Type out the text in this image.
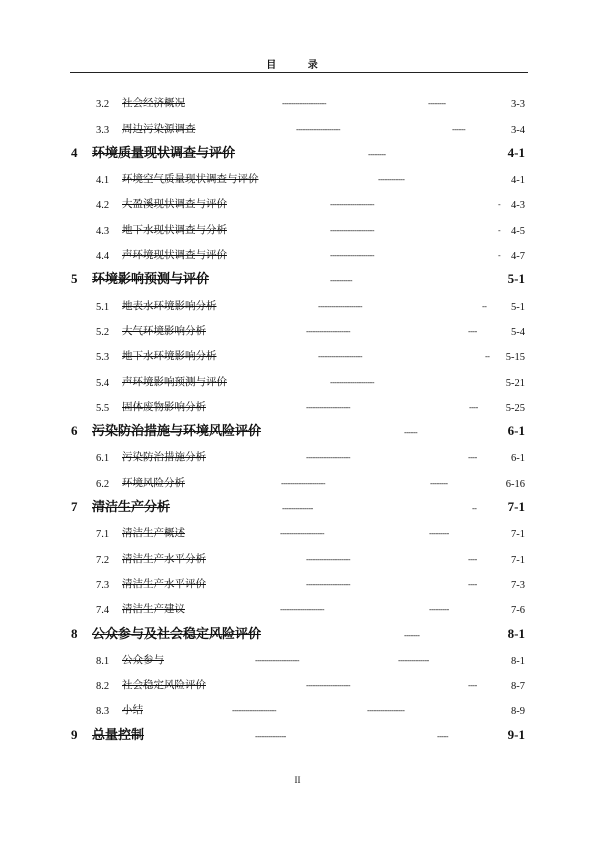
目 录
3.2 社会经济概况	--------------------	--------	3-3
3.3 周边污染源调查	--------------------	------	3-4
4 环境质量现状调查与评价	--------	4-1
4.1 环境空气质量现状调查与评价	------------	4-1
4.2 大盈溪现状调查与评价	--------------------	- 4-3
4.3 地下水现状调查与分析	--------------------	- 4-5
4.4 声环境现状调查与评价	--------------------	- 4-7
5 环境影响预测与评价	----------	5-1
5.1 地表水环境影响分析	--------------------	-- 5-1
5.2 大气环境影响分析	--------------------	----	5-4
5.3 地下水环境影响分析	--------------------	-- 5-15
5.4 声环境影响预测与评价	--------------------	5-21
5.5 固体废物影响分析	--------------------	----	5-25
6 污染防治措施与环境风险评价	------	6-1
6.1 污染防治措施分析	--------------------	----	6-1
6.2 环境风险分析	--------------------	--------	6-16
7 清洁生产分析	--------------	-- 7-1
7.1 清洁生产概述	--------------------	---------	7-1
7.2 清洁生产水平分析	--------------------	----	7-1
7.3 清洁生产水平评价	--------------------	----	7-3
7.4 清洁生产建议	--------------------	---------	7-6
8 公众参与及社会稳定风险评价	-------	8-1
8.1 公众参与	--------------------	--------------	8-1
8.2 社会稳定风险评价	--------------------	----	8-7
8.3 小结	--------------------	-----------------	8-9
9 总量控制	--------------	-----	9-1
II
